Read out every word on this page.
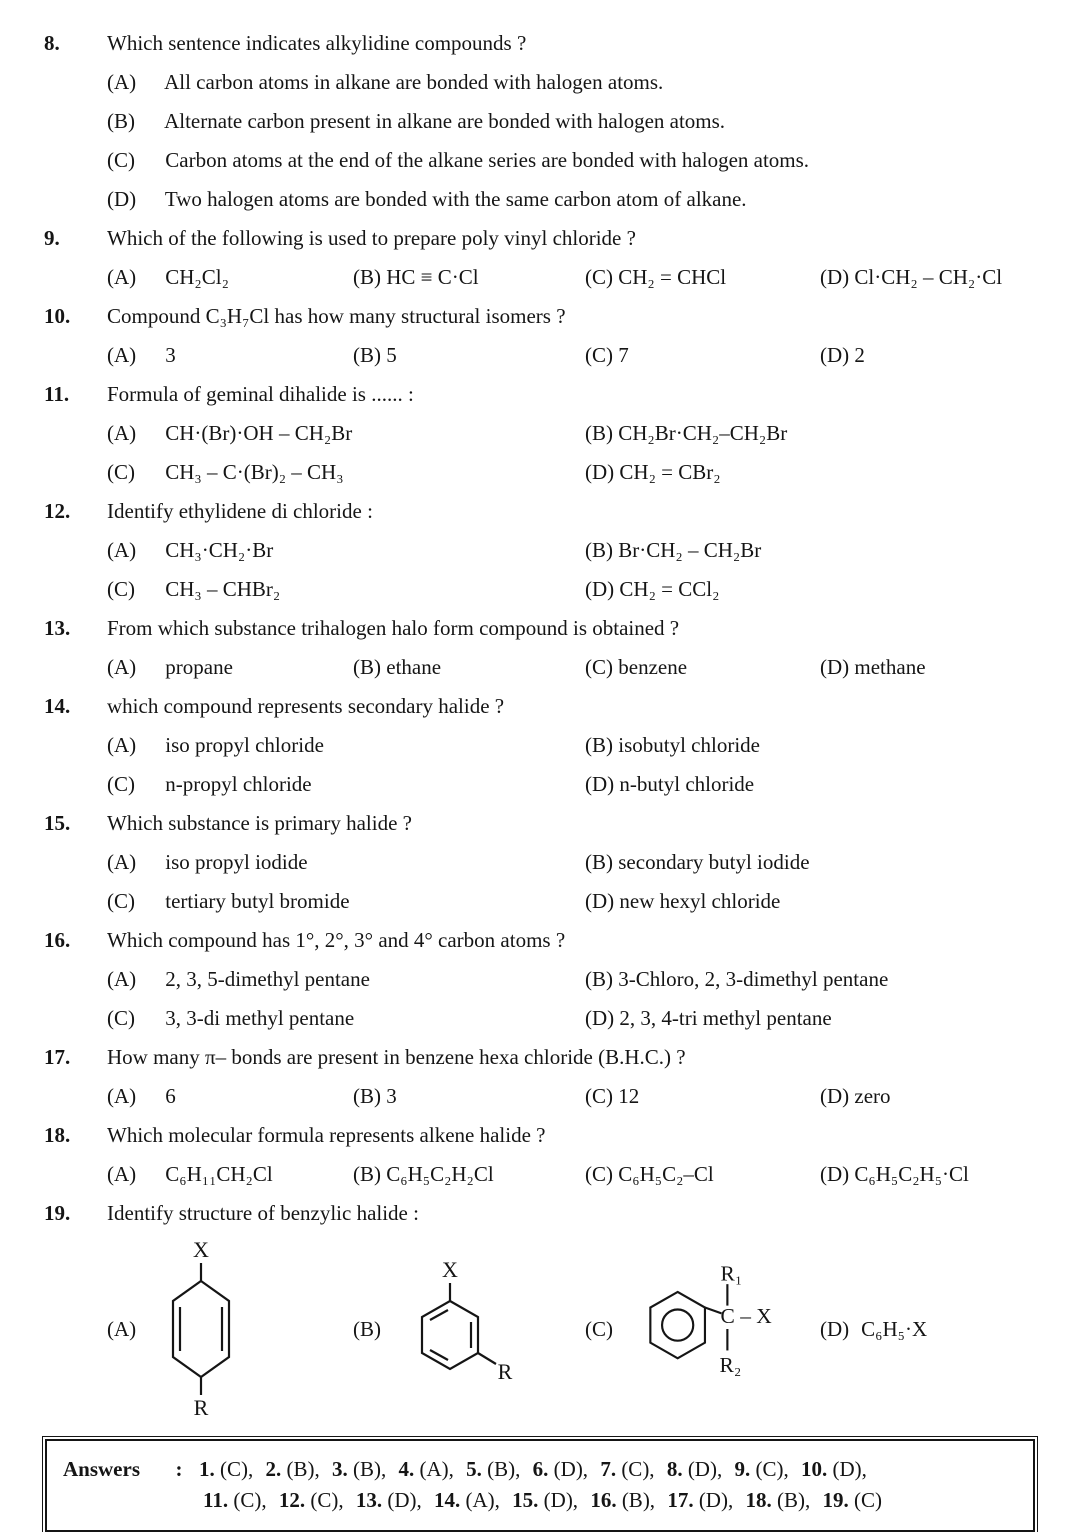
8.	Which sentence indicates alkylidine compounds ?
(A) All carbon atoms in alkane are bonded with halogen atoms.
(B) Alternate carbon present in alkane are bonded with halogen atoms.
(C) Carbon atoms at the end of the alkane series are bonded with halogen atoms.
(D) Two halogen atoms are bonded with the same carbon atom of alkane.
9.	Which of the following is used to prepare poly vinyl chloride ?
(A) CH₂Cl₂	(B) HC ≡ C·Cl	(C) CH₂ = CHCl	(D) Cl·CH₂ – CH₂·Cl
10.	Compound C₃H₇Cl has how many structural isomers ?
(A) 3	(B) 5	(C) 7	(D) 2
11.	Formula of geminal dihalide is ...... :
(A) CH·(Br)·OH – CH₂Br	(B) CH₂Br·CH₂–CH₂Br
(C) CH₃ – C·(Br)₂ – CH₃	(D) CH₂ = CBr₂
12.	Identify ethylidene di chloride :
(A) CH₃·CH₂·Br	(B) Br·CH₂ – CH₂Br
(C) CH₃ – CHBr₂	(D) CH₂ = CCl₂
13.	From which substance trihalogen halo form compound is obtained ?
(A) propane	(B) ethane	(C) benzene	(D) methane
14.	which compound represents secondary halide ?
(A) iso propyl chloride	(B) isobutyl chloride
(C) n-propyl chloride	(D) n-butyl chloride
15.	Which substance is primary halide ?
(A) iso propyl iodide	(B) secondary butyl iodide
(C) tertiary butyl bromide	(D) new hexyl chloride
16.	Which compound has 1°, 2°, 3° and 4° carbon atoms ?
(A) 2, 3, 5-dimethyl pentane	(B) 3-Chloro, 2, 3-dimethyl pentane
(C) 3, 3-di methyl pentane	(D) 2, 3, 4-tri methyl pentane
17.	How many π– bonds are present in benzene hexa chloride (B.H.C.) ?
(A) 6	(B) 3	(C) 12	(D) zero
18.	Which molecular formula represents alkene halide ?
(A) C₆H₁₁CH₂Cl	(B) C₆H₅C₂H₂Cl	(C) C₆H₅C₂–Cl	(D) C₆H₅C₂H₅·Cl
19.	Identify structure of benzylic halide :
(A)
X
R
(B)
X
R
(C)
R₁
C – X
R₂
(D) C₆H₅·X
Answers : 1. (C), 2. (B), 3. (B), 4. (A), 5. (B), 6. (D), 7. (C), 8. (D), 9. (C), 10. (D),
11. (C), 12. (C), 13. (D), 14. (A), 15. (D), 16. (B), 17. (D), 18. (B), 19. (C)
